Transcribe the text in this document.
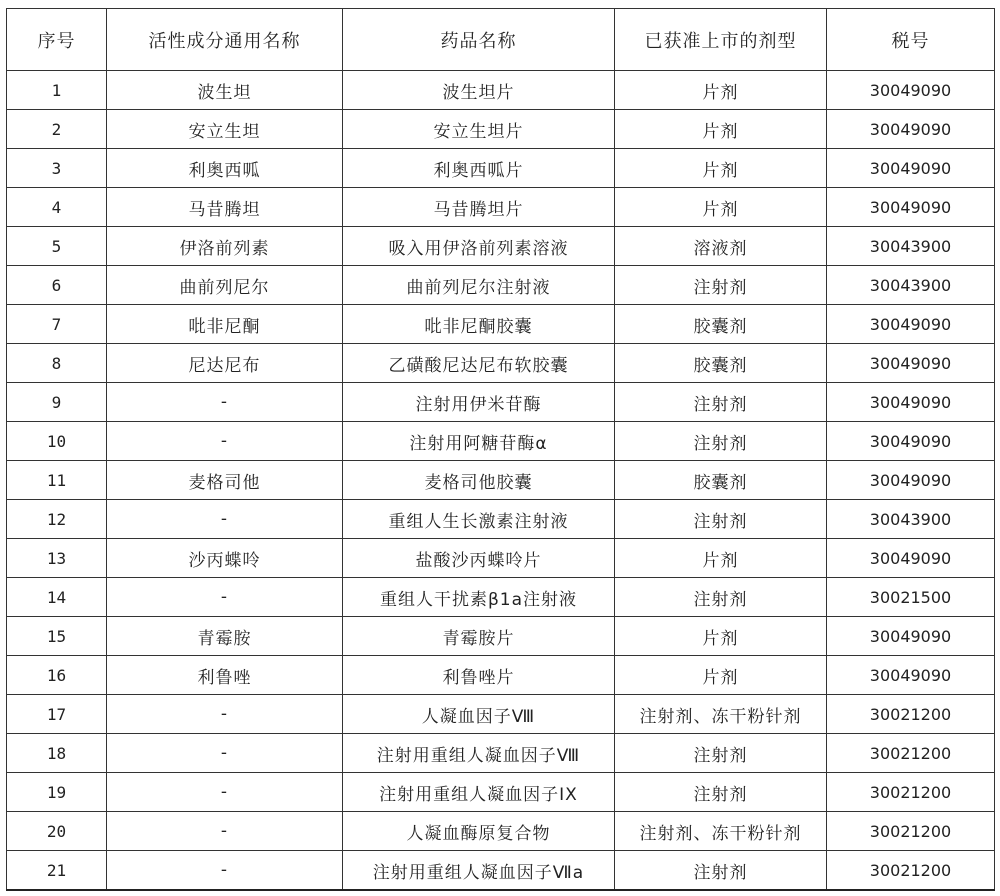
序号	活性成分通用名称	药品名称	已获准上市的剂型	税号
1	波生坦	波生坦片	片剂	30049090
2	安立生坦	安立生坦片	片剂	30049090
3	利奥西呱	利奥西呱片	片剂	30049090
4	马昔腾坦	马昔腾坦片	片剂	30049090
5	伊洛前列素	吸入用伊洛前列素溶液	溶液剂	30043900
6	曲前列尼尔	曲前列尼尔注射液	注射剂	30043900
7	吡非尼酮	吡非尼酮胶囊	胶囊剂	30049090
8	尼达尼布	乙磺酸尼达尼布软胶囊	胶囊剂	30049090
9	-	注射用伊米苷酶	注射剂	30049090
10	-	注射用阿糖苷酶α	注射剂	30049090
11	麦格司他	麦格司他胶囊	胶囊剂	30049090
12	-	重组人生长激素注射液	注射剂	30043900
13	沙丙蝶呤	盐酸沙丙蝶呤片	片剂	30049090
14	-	重组人干扰素β1a注射液	注射剂	30021500
15	青霉胺	青霉胺片	片剂	30049090
16	利鲁唑	利鲁唑片	片剂	30049090
17	-	人凝血因子Ⅷ	注射剂、冻干粉针剂	30021200
18	-	注射用重组人凝血因子Ⅷ	注射剂	30021200
19	-	注射用重组人凝血因子IX	注射剂	30021200
20	-	人凝血酶原复合物	注射剂、冻干粉针剂	30021200
21	-	注射用重组人凝血因子Ⅶa	注射剂	30021200
